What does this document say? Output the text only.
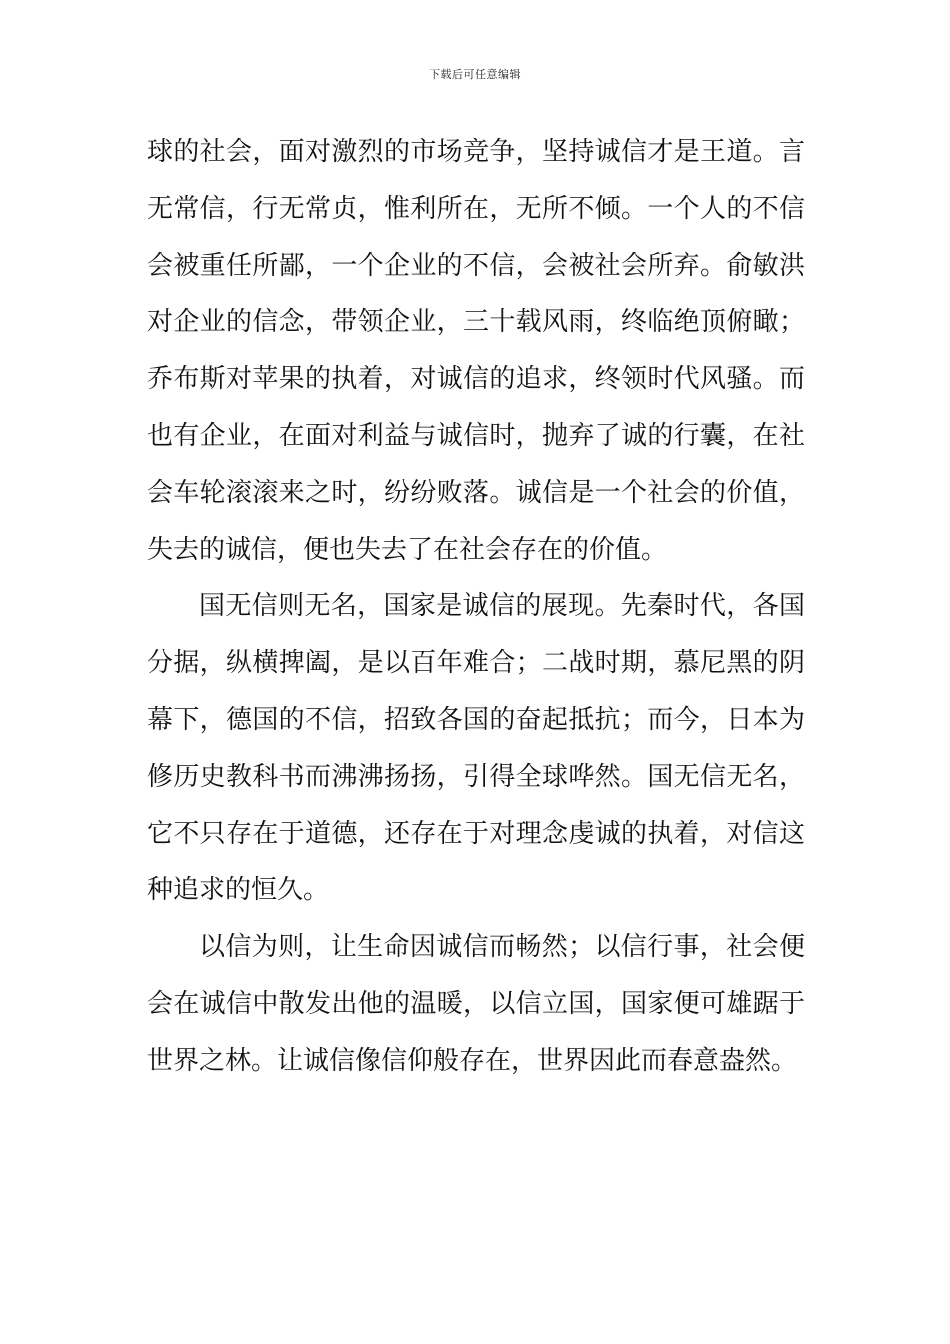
下载后可任意编辑
球的社会，面对激烈的市场竞争，坚持诚信才是王道。言
无常信，行无常贞，惟利所在，无所不倾。一个人的不信
会被重任所鄙，一个企业的不信，会被社会所弃。俞敏洪
对企业的信念，带领企业，三十载风雨，终临绝顶俯瞰；
乔布斯对苹果的执着，对诚信的追求，终领时代风骚。而
也有企业，在面对利益与诚信时，抛弃了诚的行囊，在社
会车轮滚滚来之时，纷纷败落。诚信是一个社会的价值，
失去的诚信，便也失去了在社会存在的价值。
国无信则无名，国家是诚信的展现。先秦时代，各国
分据，纵横捭阖，是以百年难合；二战时期，慕尼黑的阴
幕下，德国的不信，招致各国的奋起抵抗；而今，日本为
修历史教科书而沸沸扬扬，引得全球哗然。国无信无名，
它不只存在于道德，还存在于对理念虔诚的执着，对信这
种追求的恒久。
以信为则，让生命因诚信而畅然；以信行事，社会便
会在诚信中散发出他的温暖，以信立国，国家便可雄踞于
世界之林。让诚信像信仰般存在，世界因此而春意盎然。
